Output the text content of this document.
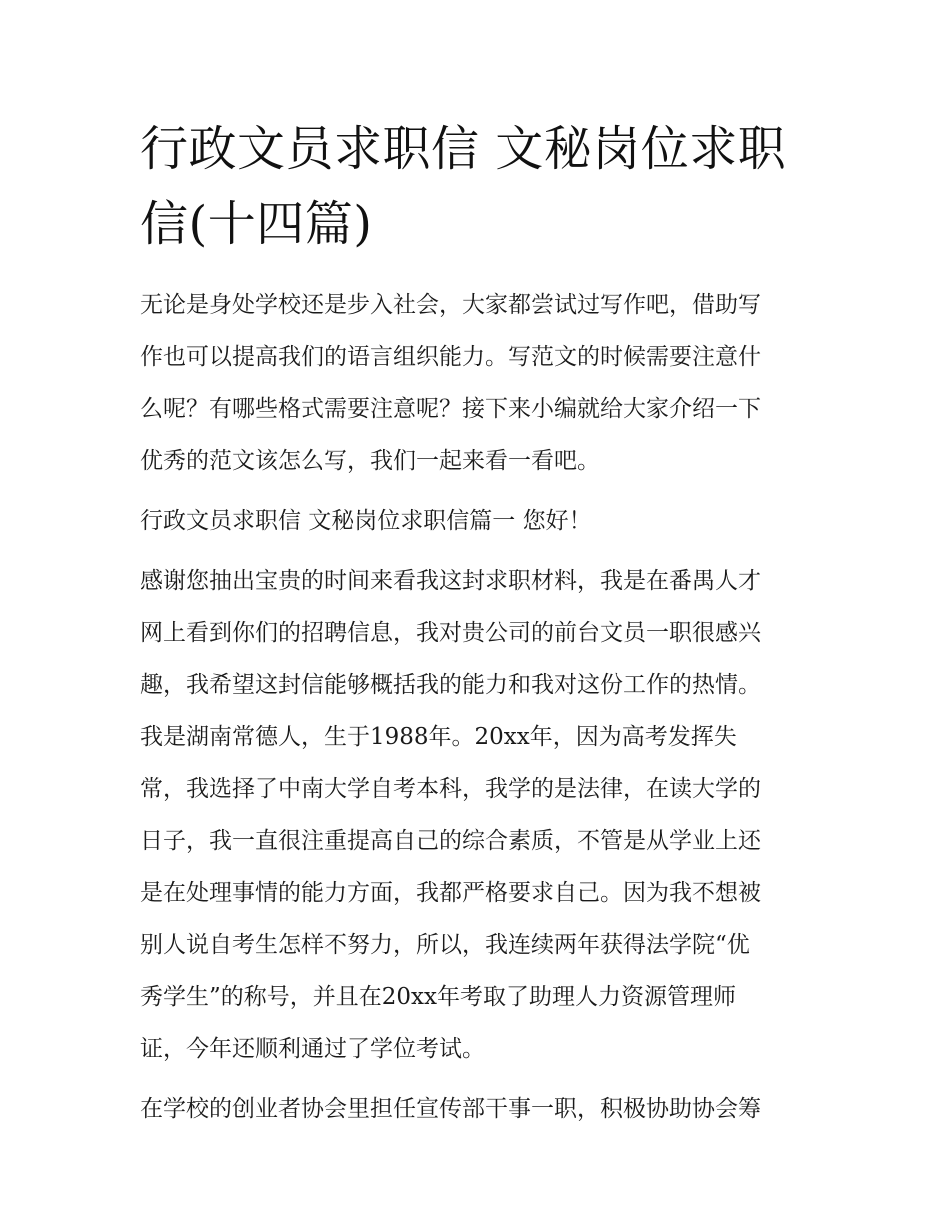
行政文员求职信 文秘岗位求职
信(十四篇)

无论是身处学校还是步入社会，大家都尝试过写作吧，借助写
作也可以提高我们的语言组织能力。写范文的时候需要注意什
么呢？有哪些格式需要注意呢？接下来小编就给大家介绍一下
优秀的范文该怎么写，我们一起来看一看吧。

行政文员求职信 文秘岗位求职信篇一 您好！

感谢您抽出宝贵的时间来看我这封求职材料，我是在番禺人才
网上看到你们的招聘信息，我对贵公司的前台文员一职很感兴
趣，我希望这封信能够概括我的能力和我对这份工作的热情。
我是湖南常德人，生于1988年。20xx年，因为高考发挥失
常，我选择了中南大学自考本科，我学的是法律，在读大学的
日子，我一直很注重提高自己的综合素质，不管是从学业上还
是在处理事情的能力方面，我都严格要求自己。因为我不想被
别人说自考生怎样不努力，所以，我连续两年获得法学院“优
秀学生”的称号，并且在20xx年考取了助理人力资源管理师
证，今年还顺利通过了学位考试。

在学校的创业者协会里担任宣传部干事一职，积极协助协会筹
